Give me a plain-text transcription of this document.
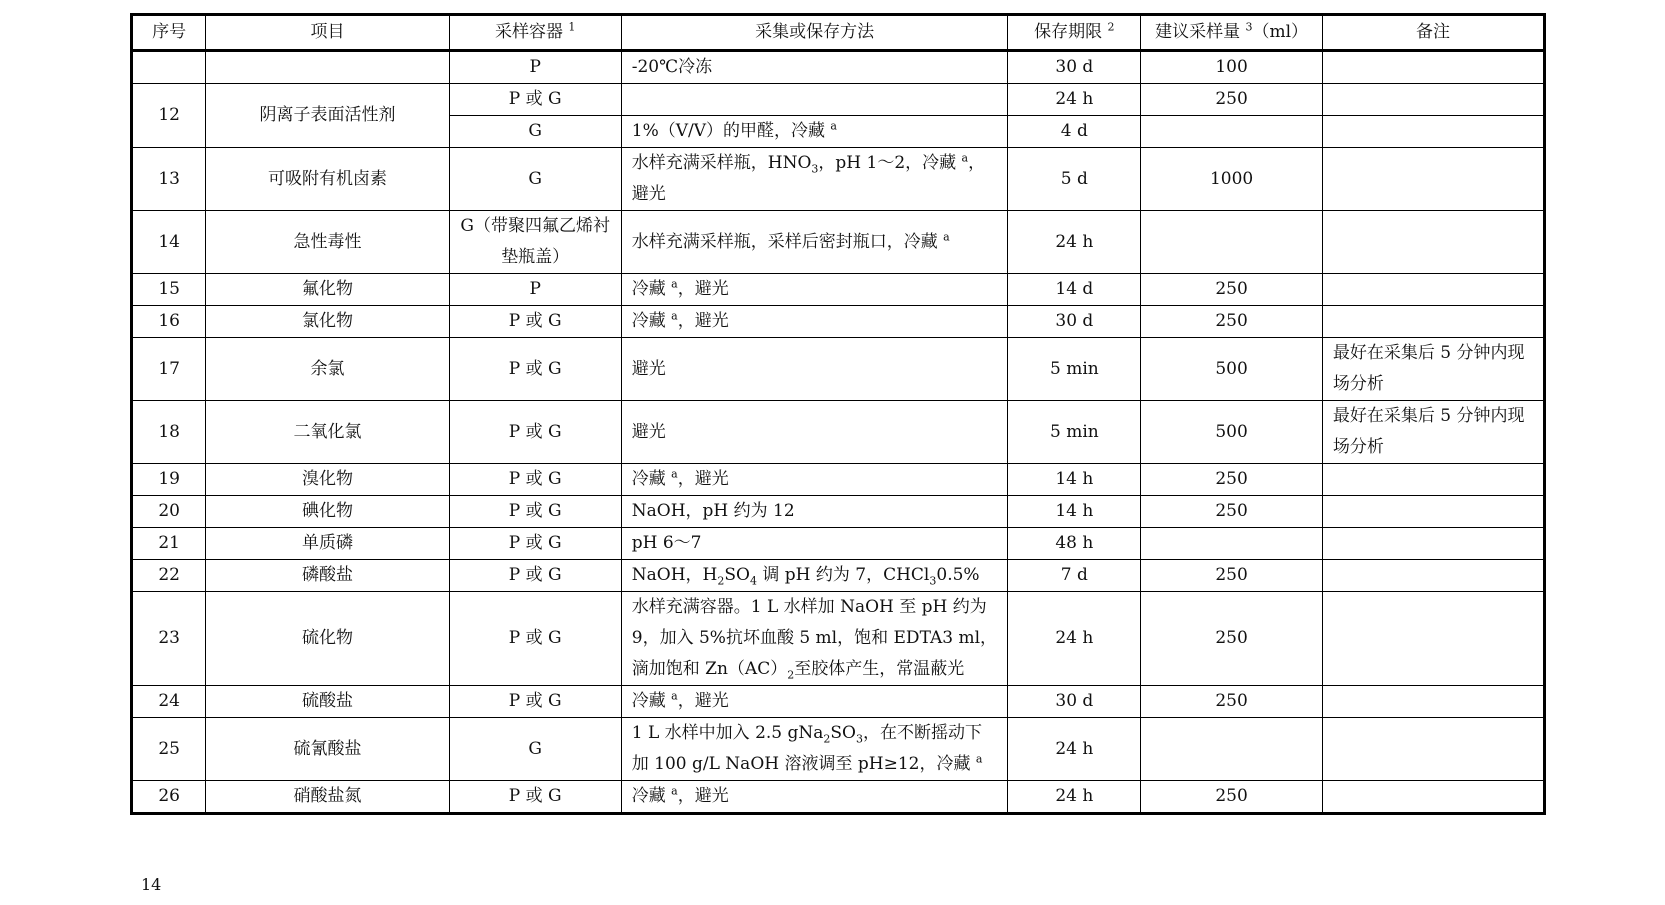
序号	项目	采样容器 $^1$	采集或保存方法	保存期限 $^2$	建议采样量 $^3$（ml）	备注
		P	-20℃冷冻	30 d	100	
12	阴离子表面活性剂	P 或 G		24 h	250	
		G	1%（V/V）的甲醛，冷藏 $^a$	4 d		
13	可吸附有机卤素	G	水样充满采样瓶，$HNO_3$，pH 1～2，冷藏 $^a$，避光	5 d	1000	
14	急性毒性	G（带聚四氟乙烯衬垫瓶盖）	水样充满采样瓶，采样后密封瓶口，冷藏 $^a$	24 h		
15	氟化物	P	冷藏 $^a$，避光	14 d	250	
16	氯化物	P 或 G	冷藏 $^a$，避光	30 d	250	
17	余氯	P 或 G	避光	5 min	500	最好在采集后 5 分钟内现场分析
18	二氧化氯	P 或 G	避光	5 min	500	最好在采集后 5 分钟内现场分析
19	溴化物	P 或 G	冷藏 $^a$，避光	14 h	250	
20	碘化物	P 或 G	NaOH，pH 约为 12	14 h	250	
21	单质磷	P 或 G	pH 6～7	48 h		
22	磷酸盐	P 或 G	NaOH，$H_2SO_4$ 调 pH 约为 7，CHCl$_3$0.5%	7 d	250	
23	硫化物	P 或 G	水样充满容器。1 L 水样加 NaOH 至 pH 约为 9，加入 5%抗坏血酸 5 ml，饱和 EDTA3 ml，滴加饱和 $Zn(AC)_2$至胶体产生，常温蔽光	24 h	250	
24	硫酸盐	P 或 G	冷藏 $^a$，避光	30 d	250	
25	硫氰酸盐	G	1 L 水样中加入 2.5 $gNa_2SO_3$，在不断摇动下加 100 g/L NaOH 溶液调至 pH≥12，冷藏 $^a$	24 h		
26	硝酸盐氮	P 或 G	冷藏 $^a$，避光	24 h	250	
14
